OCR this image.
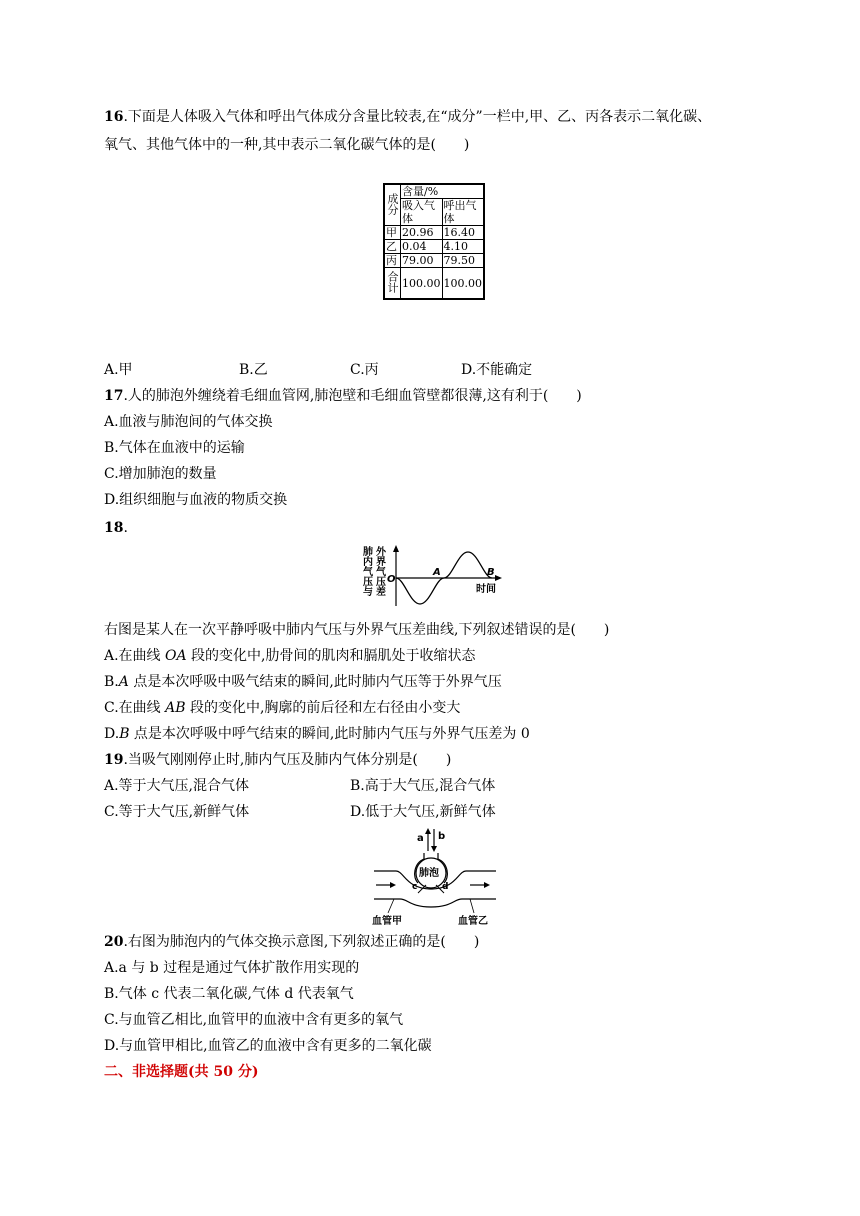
16.下面是人体吸入气体和呼出气体成分含量比较表,在“成分”一栏中,甲、乙、丙各表示二氧化碳、
氧气、其他气体中的一种,其中表示二氧化碳气体的是(　　)
成分	含量/%	
	吸入气体	呼出气体
甲	20.96	16.40
乙	0.04	4.10
丙	79.00	79.50
合计	100.00	100.00
A.甲	B.乙	C.丙	D.不能确定
17.人的肺泡外缠绕着毛细血管网,肺泡壁和毛细血管壁都很薄,这有利于(　　)
A.血液与肺泡间的气体交换
B.气体在血液中的运输
C.增加肺泡的数量
D.组织细胞与血液的物质交换
18.
肺内气压与 外界气压差 O
A	B
时间
右图是某人在一次平静呼吸中肺内气压与外界气压差曲线,下列叙述错误的是(　　)
A.在曲线 OA 段的变化中,肋骨间的肌肉和膈肌处于收缩状态
B.A 点是本次呼吸中吸气结束的瞬间,此时肺内气压等于外界气压
C.在曲线 AB 段的变化中,胸廓的前后径和左右径由小变大
D.B 点是本次呼吸中呼气结束的瞬间,此时肺内气压与外界气压差为 0
19.当吸气刚刚停止时,肺内气压及肺内气体分别是(　　)
A.等于大气压,混合气体	B.高于大气压,混合气体
C.等于大气压,新鲜气体	D.低于大气压,新鲜气体
a b
肺泡
c	d
血管甲	血管乙
20.右图为肺泡内的气体交换示意图,下列叙述正确的是(　　)
A.a 与 b 过程是通过气体扩散作用实现的
B.气体 c 代表二氧化碳,气体 d 代表氧气
C.与血管乙相比,血管甲的血液中含有更多的氧气
D.与血管甲相比,血管乙的血液中含有更多的二氧化碳
二、非选择题(共 50 分)
